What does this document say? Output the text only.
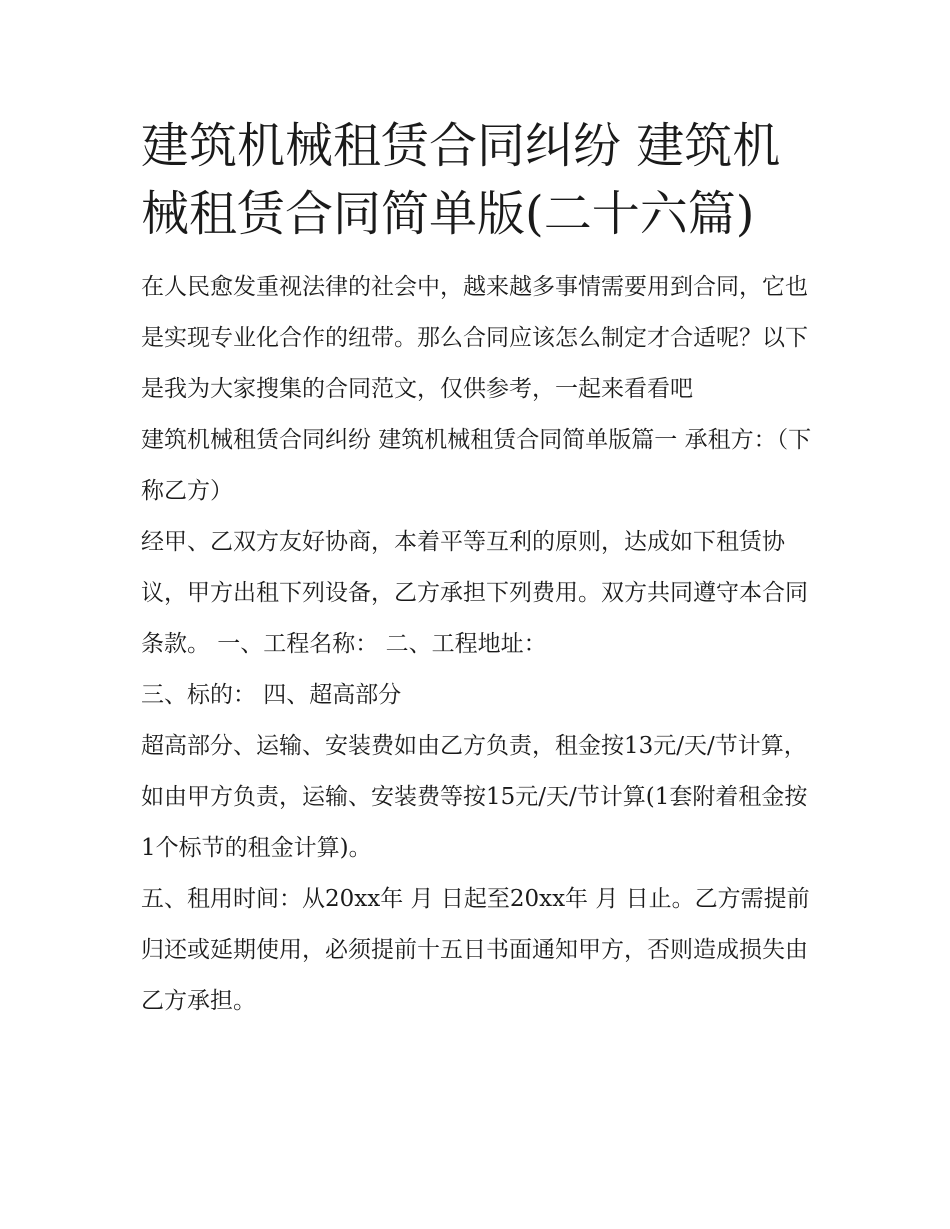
建筑机械租赁合同纠纷 建筑机械租赁合同简单版(二十六篇)

在人民愈发重视法律的社会中，越来越多事情需要用到合同，它也是实现专业化合作的纽带。那么合同应该怎么制定才合适呢？以下是我为大家搜集的合同范文，仅供参考，一起来看看吧

建筑机械租赁合同纠纷 建筑机械租赁合同简单版篇一 承租方：（下称乙方）

经甲、乙双方友好协商，本着平等互利的原则，达成如下租赁协议，甲方出租下列设备，乙方承担下列费用。双方共同遵守本合同条款。 一、工程名称： 二、工程地址：

三、标的： 四、超高部分

超高部分、运输、安装费如由乙方负责，租金按13元/天/节计算，如由甲方负责，运输、安装费等按15元/天/节计算(1套附着租金按1个标节的租金计算)。

五、租用时间：从20xx年 月 日起至20xx年 月 日止。乙方需提前归还或延期使用，必须提前十五日书面通知甲方，否则造成损失由乙方承担。
